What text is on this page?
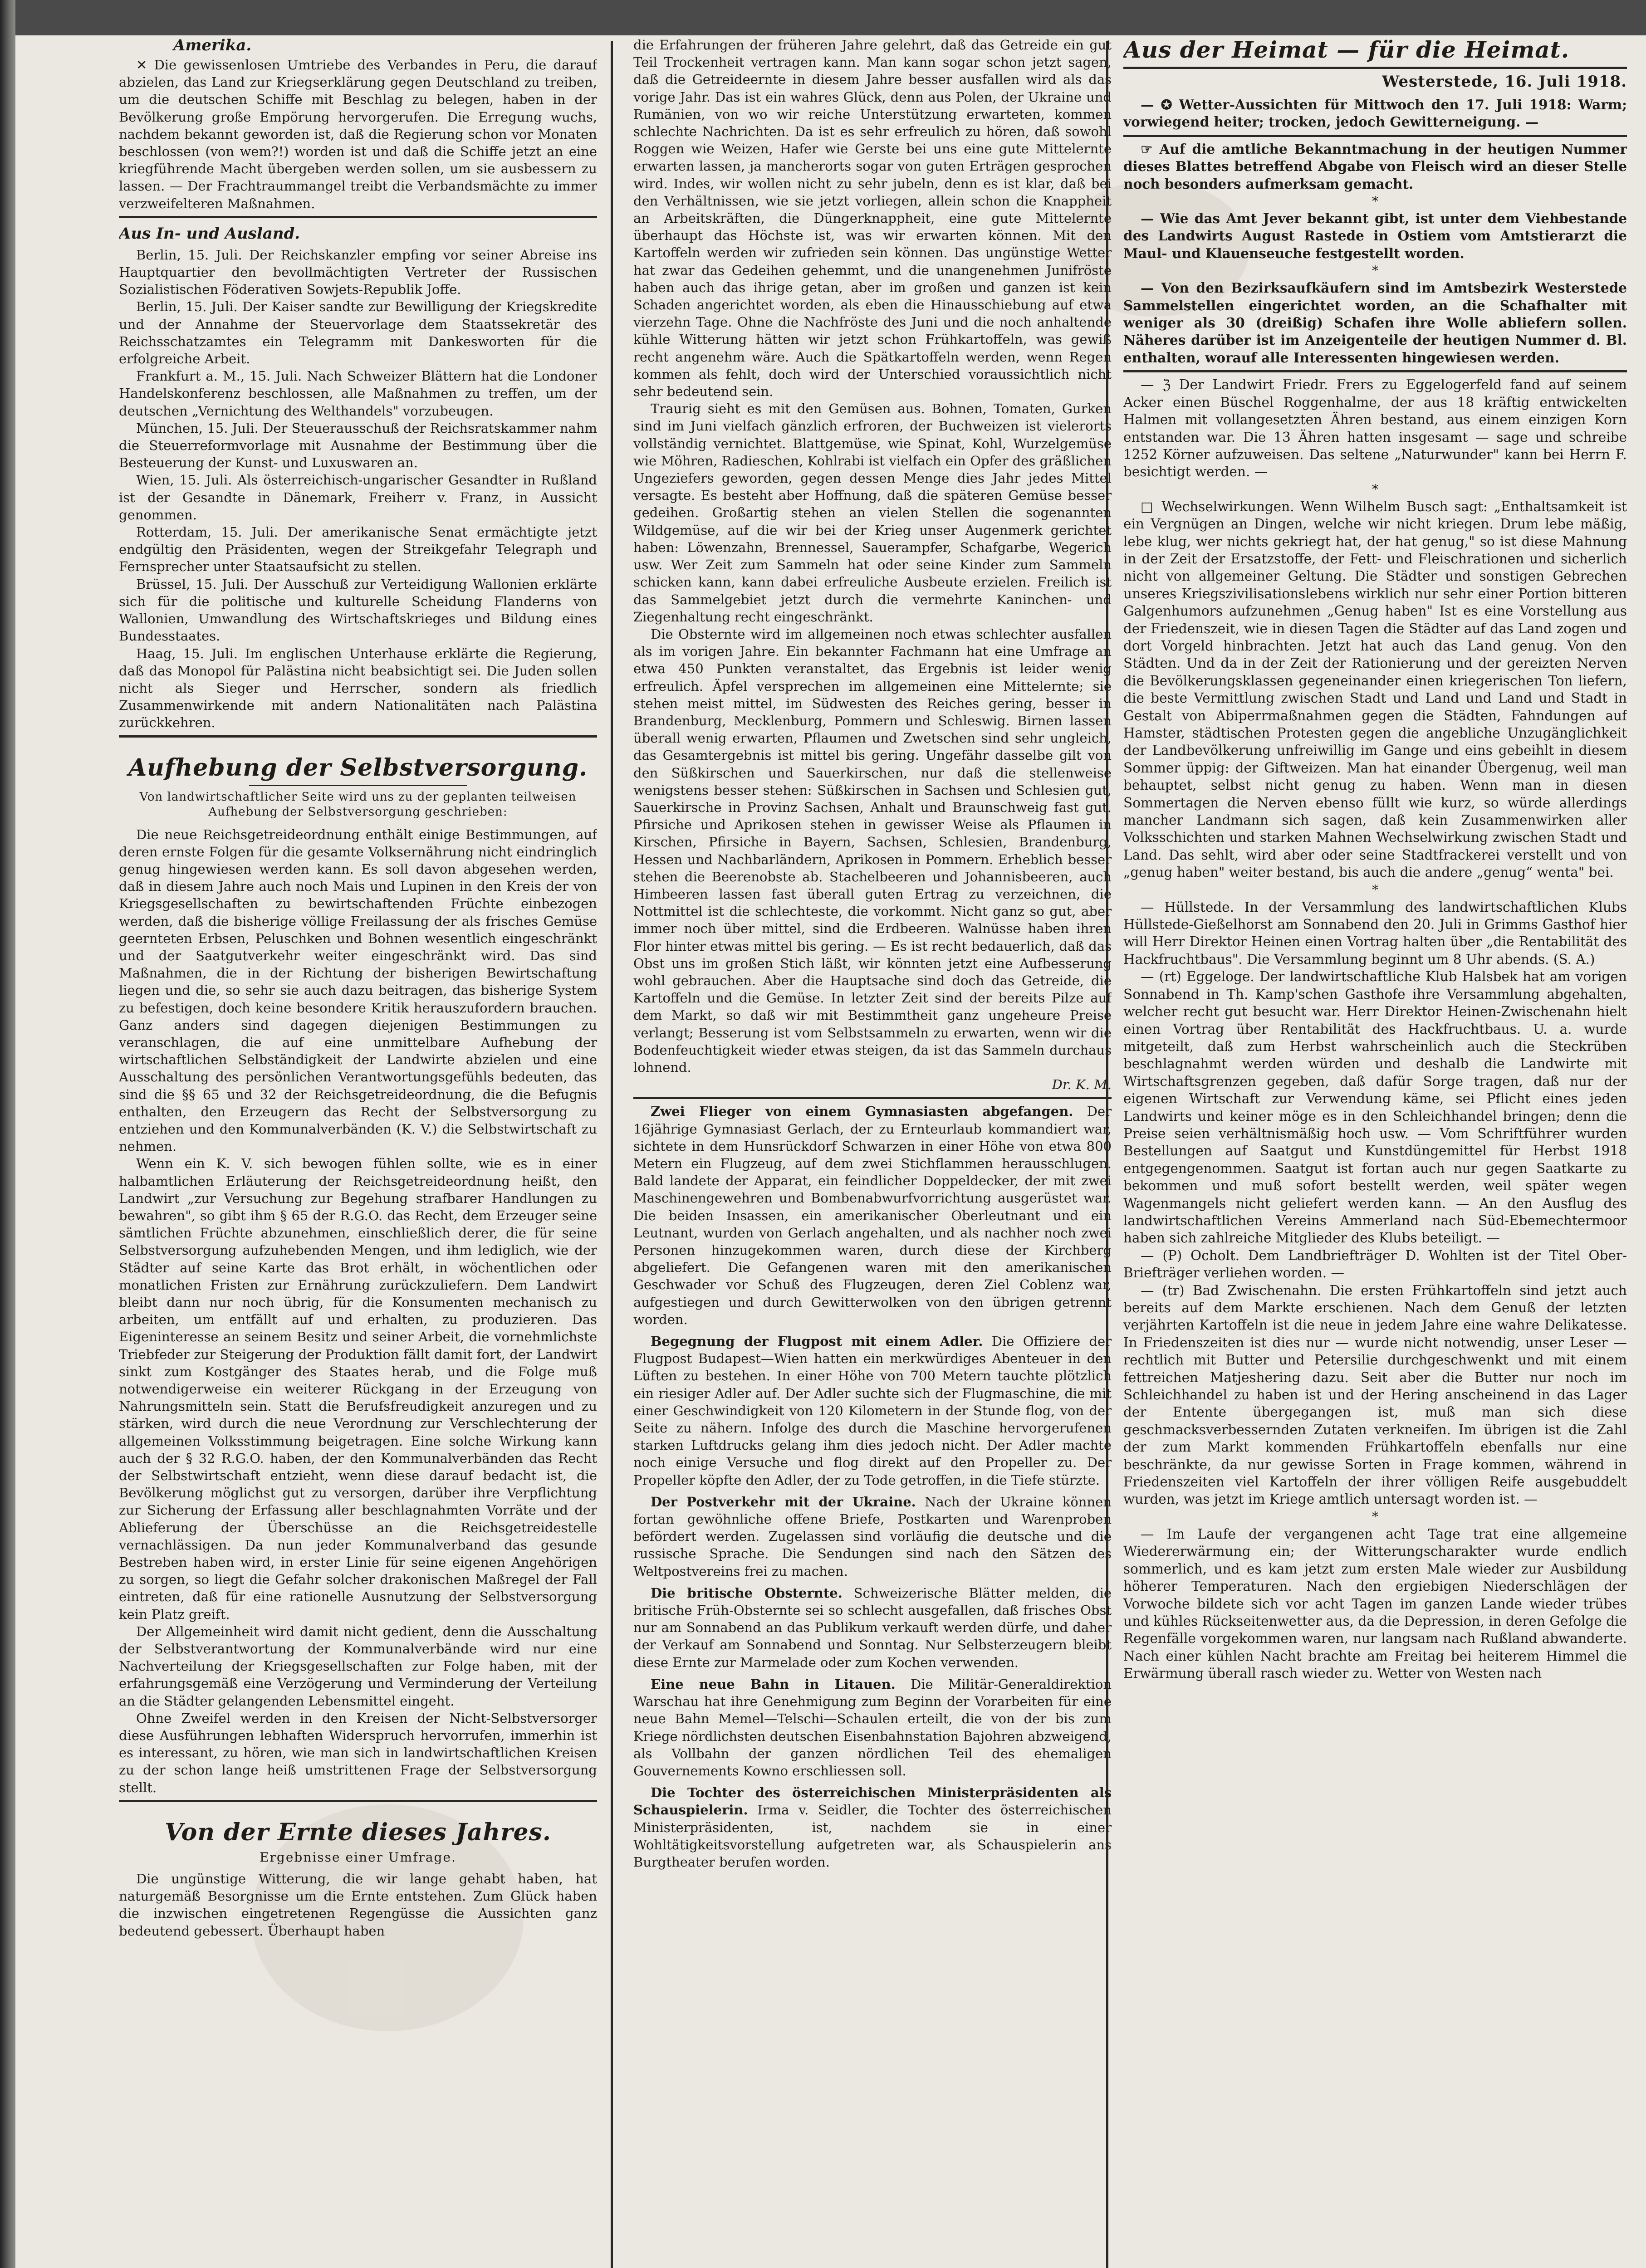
Amerika.

✕ Die gewissenlosen Umtriebe des Verbandes in Peru, die darauf abzielen, das Land zur Kriegserklärung gegen Deutschland zu treiben, um die deutschen Schiffe mit Beschlag zu belegen, haben in der Bevölkerung große Empörung hervorgerufen. Die Erregung wuchs, nachdem bekannt geworden ist, daß die Regierung schon vor Monaten beschlossen (von wem?!) worden ist und daß die Schiffe jetzt an eine kriegführende Macht übergeben werden sollen, um sie ausbessern zu lassen. — Der Frachtraummangel treibt die Verbandsmächte zu immer verzweifelteren Maßnahmen.

Aus In- und Ausland.

Berlin, 15. Juli. Der Reichskanzler empfing vor seiner Abreise ins Hauptquartier den bevollmächtigten Vertreter der Russischen Sozialistischen Föderativen Sowjets-Republik Joffe.

Berlin, 15. Juli. Der Kaiser sandte zur Bewilligung der Kriegskredite und der Annahme der Steuervorlage dem Staatssekretär des Reichsschatzamtes ein Telegramm mit Dankesworten für die erfolgreiche Arbeit.

Frankfurt a. M., 15. Juli. Nach Schweizer Blättern hat die Londoner Handelskonferenz beschlossen, alle Maßnahmen zu treffen, um der deutschen „Vernichtung des Welthandels" vorzubeugen.

München, 15. Juli. Der Steuerausschuß der Reichsratskammer nahm die Steuerreformvorlage mit Ausnahme der Bestimmung über die Besteuerung der Kunst- und Luxuswaren an.

Wien, 15. Juli. Als österreichisch-ungarischer Gesandter in Rußland ist der Gesandte in Dänemark, Freiherr v. Franz, in Aussicht genommen.

Rotterdam, 15. Juli. Der amerikanische Senat ermächtigte jetzt endgültig den Präsidenten, wegen der Streikgefahr Telegraph und Fernsprecher unter Staatsaufsicht zu stellen.

Brüssel, 15. Juli. Der Ausschuß zur Verteidigung Wallonien erklärte sich für die politische und kulturelle Scheidung Flanderns von Wallonien, Umwandlung des Wirtschaftskrieges und Bildung eines Bundesstaates.

Haag, 15. Juli. Im englischen Unterhause erklärte die Regierung, daß das Monopol für Palästina nicht beabsichtigt sei. Die Juden sollen nicht als Sieger und Herrscher, sondern als friedlich Zusammenwirkende mit andern Nationalitäten nach Palästina zurückkehren.

Aufhebung der Selbstversorgung.
Von landwirtschaftlicher Seite wird uns zu der geplanten teilweisen Aufhebung der Selbstversorgung geschrieben:

Die neue Reichsgetreideordnung enthält einige Bestimmungen, auf deren ernste Folgen für die gesamte Volksernährung nicht eindringlich genug hingewiesen werden kann. Es soll davon abgesehen werden, daß in diesem Jahre auch noch Mais und Lupinen in den Kreis der von Kriegsgesellschaften zu bewirtschaftenden Früchte einbezogen werden, daß die bisherige völlige Freilassung der als frisches Gemüse geernteten Erbsen, Peluschken und Bohnen wesentlich eingeschränkt und der Saatgutverkehr weiter eingeschränkt wird. Das sind Maßnahmen, die in der Richtung der bisherigen Bewirtschaftung liegen und die, so sehr sie auch dazu beitragen, das bisherige System zu befestigen, doch keine besondere Kritik herauszufordern brauchen. Ganz anders sind dagegen diejenigen Bestimmungen zu veranschlagen, die auf eine unmittelbare Aufhebung der wirtschaftlichen Selbständigkeit der Landwirte abzielen und eine Ausschaltung des persönlichen Verantwortungsgefühls bedeuten, das sind die §§ 65 und 32 der Reichsgetreideordnung, die die Befugnis enthalten, den Erzeugern das Recht der Selbstversorgung zu entziehen und den Kommunalverbänden (K. V.) die Selbstwirtschaft zu nehmen.

Wenn ein K. V. sich bewogen fühlen sollte, wie es in einer halbamtlichen Erläuterung der Reichsgetreideordnung heißt, den Landwirt „zur Versuchung zur Begehung strafbarer Handlungen zu bewahren", so gibt ihm § 65 der R.G.O. das Recht, dem Erzeuger seine sämtlichen Früchte abzunehmen, einschließlich derer, die für seine Selbstversorgung aufzuhebenden Mengen, und ihm lediglich, wie der Städter auf seine Karte das Brot erhält, in wöchentlichen oder monatlichen Fristen zur Ernährung zurückzuliefern. Dem Landwirt bleibt dann nur noch übrig, für die Konsumenten mechanisch zu arbeiten, um entfällt auf und erhalten, zu produzieren. Das Eigeninteresse an seinem Besitz und seiner Arbeit, die vornehmlichste Triebfeder zur Steigerung der Produktion fällt damit fort, der Landwirt sinkt zum Kostgänger des Staates herab, und die Folge muß notwendigerweise ein weiterer Rückgang in der Erzeugung von Nahrungsmitteln sein. Statt die Berufsfreudigkeit anzuregen und zu stärken, wird durch die neue Verordnung zur Verschlechterung der allgemeinen Volksstimmung beigetragen. Eine solche Wirkung kann auch der § 32 R.G.O. haben, der den Kommunalverbänden das Recht der Selbstwirtschaft entzieht, wenn diese darauf bedacht ist, die Bevölkerung möglichst gut zu versorgen, darüber ihre Verpflichtung zur Sicherung der Erfassung aller beschlagnahmten Vorräte und der Ablieferung der Überschüsse an die Reichsgetreidestelle vernachlässigen. Da nun jeder Kommunalverband das gesunde Bestreben haben wird, in erster Linie für seine eigenen Angehörigen zu sorgen, so liegt die Gefahr solcher drakonischen Maßregel der Fall eintreten, daß für eine rationelle Ausnutzung der Selbstversorgung kein Platz greift.

Der Allgemeinheit wird damit nicht gedient, denn die Ausschaltung der Selbstverantwortung der Kommunalverbände wird nur eine Nachverteilung der Kriegsgesellschaften zur Folge haben, mit der erfahrungsgemäß eine Verzögerung und Verminderung der Verteilung an die Städter gelangenden Lebensmittel eingeht.

Ohne Zweifel werden in den Kreisen der Nicht-Selbstversorger diese Ausführungen lebhaften Widerspruch hervorrufen, immerhin ist es interessant, zu hören, wie man sich in landwirtschaftlichen Kreisen zu der schon lange heiß umstrittenen Frage der Selbstversorgung stellt.

Von der Ernte dieses Jahres.
Ergebnisse einer Umfrage.

Die ungünstige Witterung, die wir lange gehabt haben, hat naturgemäß Besorgnisse um die Ernte entstehen. Zum Glück haben die inzwischen eingetretenen Regengüsse die Aussichten ganz bedeutend gebessert. Überhaupt haben

die Erfahrungen der früheren Jahre gelehrt, daß das Getreide ein gut Teil Trockenheit vertragen kann. Man kann sogar schon jetzt sagen, daß die Getreideernte in diesem Jahre besser ausfallen wird als das vorige Jahr. Das ist ein wahres Glück, denn aus Polen, der Ukraine und Rumänien, von wo wir reiche Unterstützung erwarteten, kommen schlechte Nachrichten. Da ist es sehr erfreulich zu hören, daß sowohl Roggen wie Weizen, Hafer wie Gerste bei uns eine gute Mittelernte erwarten lassen, ja mancherorts sogar von guten Erträgen gesprochen wird. Indes, wir wollen nicht zu sehr jubeln, denn es ist klar, daß bei den Verhältnissen, wie sie jetzt vorliegen, allein schon die Knappheit an Arbeitskräften, die Düngerknappheit, eine gute Mittelernte überhaupt das Höchste ist, was wir erwarten können. Mit den Kartoffeln werden wir zufrieden sein können. Das ungünstige Wetter hat zwar das Gedeihen gehemmt, und die unangenehmen Junifröste haben auch das ihrige getan, aber im großen und ganzen ist kein Schaden angerichtet worden, als eben die Hinausschiebung auf etwa vierzehn Tage. Ohne die Nachfröste des Juni und die noch anhaltende kühle Witterung hätten wir jetzt schon Frühkartoffeln, was gewiß recht angenehm wäre. Auch die Spätkartoffeln werden, wenn Regen kommen als fehlt, doch wird der Unterschied voraussichtlich nicht sehr bedeutend sein.

Traurig sieht es mit den Gemüsen aus. Bohnen, Tomaten, Gurken sind im Juni vielfach gänzlich erfroren, der Buchweizen ist vielerorts vollständig vernichtet. Blattgemüse, wie Spinat, Kohl, Wurzelgemüse wie Möhren, Radieschen, Kohlrabi ist vielfach ein Opfer des gräßlichen Ungeziefers geworden, gegen dessen Menge dies Jahr jedes Mittel versagte. Es besteht aber Hoffnung, daß die späteren Gemüse besser gedeihen. Großartig stehen an vielen Stellen die sogenannten Wildgemüse, auf die wir bei der Krieg unser Augenmerk gerichtet haben: Löwenzahn, Brennessel, Sauerampfer, Schafgarbe, Wegerich usw. Wer Zeit zum Sammeln hat oder seine Kinder zum Sammeln schicken kann, kann dabei erfreuliche Ausbeute erzielen. Freilich ist das Sammelgebiet jetzt durch die vermehrte Kaninchen- und Ziegenhaltung recht eingeschränkt.

Die Obsternte wird im allgemeinen noch etwas schlechter ausfallen als im vorigen Jahre. Ein bekannter Fachmann hat eine Umfrage an etwa 450 Punkten veranstaltet, das Ergebnis ist leider wenig erfreulich. Äpfel versprechen im allgemeinen eine Mittelernte; sie stehen meist mittel, im Südwesten des Reiches gering, besser in Brandenburg, Mecklenburg, Pommern und Schleswig. Birnen lassen überall wenig erwarten, Pflaumen und Zwetschen sind sehr ungleich, das Gesamtergebnis ist mittel bis gering. Ungefähr dasselbe gilt von den Süßkirschen und Sauerkirschen, nur daß die stellenweise wenigstens besser stehen: Süßkirschen in Sachsen und Schlesien gut, Sauerkirsche in Provinz Sachsen, Anhalt und Braunschweig fast gut. Pfirsiche und Aprikosen stehen in gewisser Weise als Pflaumen in Kirschen, Pfirsiche in Bayern, Sachsen, Schlesien, Brandenburg, Hessen und Nachbarländern, Aprikosen in Pommern. Erheblich besser stehen die Beerenobste ab. Stachelbeeren und Johannisbeeren, auch Himbeeren lassen fast überall guten Ertrag zu verzeichnen, die Nottmittel ist die schlechteste, die vorkommt. Nicht ganz so gut, aber immer noch über mittel, sind die Erdbeeren. Walnüsse haben ihren Flor hinter etwas mittel bis gering. — Es ist recht bedauerlich, daß das Obst uns im großen Stich läßt, wir könnten jetzt eine Aufbesserung wohl gebrauchen. Aber die Hauptsache sind doch das Getreide, die Kartoffeln und die Gemüse. In letzter Zeit sind der bereits Pilze auf dem Markt, so daß wir mit Bestimmtheit ganz ungeheure Preise verlangt; Besserung ist vom Selbstsammeln zu erwarten, wenn wir die Bodenfeuchtigkeit wieder etwas steigen, da ist das Sammeln durchaus lohnend.

Dr. K. M.

Zwei Flieger von einem Gymnasiasten abgefangen. Der 16jährige Gymnasiast Gerlach, der zu Ernteurlaub kommandiert war, sichtete in dem Hunsrückdorf Schwarzen in einer Höhe von etwa 800 Metern ein Flugzeug, auf dem zwei Stichflammen herausschlugen. Bald landete der Apparat, ein feindlicher Doppeldecker, der mit zwei Maschinengewehren und Bombenabwurfvorrichtung ausgerüstet war. Die beiden Insassen, ein amerikanischer Oberleutnant und ein Leutnant, wurden von Gerlach angehalten, und als nachher noch zwei Personen hinzugekommen waren, durch diese der Kirchberg abgeliefert. Die Gefangenen waren mit den amerikanischen Geschwader vor Schuß des Flugzeugen, deren Ziel Coblenz war, aufgestiegen und durch Gewitterwolken von den übrigen getrennt worden.

Begegnung der Flugpost mit einem Adler. Die Offiziere der Flugpost Budapest—Wien hatten ein merkwürdiges Abenteuer in den Lüften zu bestehen. In einer Höhe von 700 Metern tauchte plötzlich ein riesiger Adler auf. Der Adler suchte sich der Flugmaschine, die mit einer Geschwindigkeit von 120 Kilometern in der Stunde flog, von der Seite zu nähern. Infolge des durch die Maschine hervorgerufenen starken Luftdrucks gelang ihm dies jedoch nicht. Der Adler machte noch einige Versuche und flog direkt auf den Propeller zu. Der Propeller köpfte den Adler, der zu Tode getroffen, in die Tiefe stürzte.

Der Postverkehr mit der Ukraine. Nach der Ukraine können fortan gewöhnliche offene Briefe, Postkarten und Warenproben befördert werden. Zugelassen sind vorläufig die deutsche und die russische Sprache. Die Sendungen sind nach den Sätzen des Weltpostvereins frei zu machen.

Die britische Obsternte. Schweizerische Blätter melden, die britische Früh-Obsternte sei so schlecht ausgefallen, daß frisches Obst nur am Sonnabend an das Publikum verkauft werden dürfe, und daher der Verkauf am Sonnabend und Sonntag. Nur Selbsterzeugern bleibt diese Ernte zur Marmelade oder zum Kochen verwenden.

Eine neue Bahn in Litauen. Die Militär-Generaldirektion Warschau hat ihre Genehmigung zum Beginn der Vorarbeiten für eine neue Bahn Memel—Telschi—Schaulen erteilt, die von der bis zum Kriege nördlichsten deutschen Eisenbahnstation Bajohren abzweigend, als Vollbahn der ganzen nördlichen Teil des ehemaligen Gouvernements Kowno erschliessen soll.

Die Tochter des österreichischen Ministerpräsidenten als Schauspielerin. Irma v. Seidler, die Tochter des österreichischen Ministerpräsidenten, ist, nachdem sie in einer Wohltätigkeitsvorstellung aufgetreten war, als Schauspielerin ans Burgtheater berufen worden.

Aus der Heimat — für die Heimat.
Westerstede, 16. Juli 1918.

— ✪ Wetter-Aussichten für Mittwoch den 17. Juli 1918: Warm; vorwiegend heiter; trocken, jedoch Gewitterneigung. —

☞ Auf die amtliche Bekanntmachung in der heutigen Nummer dieses Blattes betreffend Abgabe von Fleisch wird an dieser Stelle noch besonders aufmerksam gemacht.

*

— Wie das Amt Jever bekannt gibt, ist unter dem Viehbestande des Landwirts August Rastede in Ostiem vom Amtstierarzt die Maul- und Klauenseuche festgestellt worden.

*

— Von den Bezirksaufkäufern sind im Amtsbezirk Westerstede Sammelstellen eingerichtet worden, an die Schafhalter mit weniger als 30 (dreißig) Schafen ihre Wolle abliefern sollen. Näheres darüber ist im Anzeigenteile der heutigen Nummer d. Bl. enthalten, worauf alle Interessenten hingewiesen werden.

— ℨ Der Landwirt Friedr. Frers zu Eggelogerfeld fand auf seinem Acker einen Büschel Roggenhalme, der aus 18 kräftig entwickelten Halmen mit vollangesetzten Ähren bestand, aus einem einzigen Korn entstanden war. Die 13 Ähren hatten insgesamt — sage und schreibe 1252 Körner aufzuweisen. Das seltene „Naturwunder" kann bei Herrn F. besichtigt werden. —

*

□ Wechselwirkungen. Wenn Wilhelm Busch sagt: „Enthaltsamkeit ist ein Vergnügen an Dingen, welche wir nicht kriegen. Drum lebe mäßig, lebe klug, wer nichts gekriegt hat, der hat genug," so ist diese Mahnung in der Zeit der Ersatzstoffe, der Fett- und Fleischrationen und sicherlich nicht von allgemeiner Geltung. Die Städter und sonstigen Gebrechen unseres Kriegszivilisationslebens wirklich nur sehr einer Portion bitteren Galgenhumors aufzunehmen „Genug haben" Ist es eine Vorstellung aus der Friedenszeit, wie in diesen Tagen die Städter auf das Land zogen und dort Vorgeld hinbrachten. Jetzt hat auch das Land genug. Von den Städten. Und da in der Zeit der Rationierung und der gereizten Nerven die Bevölkerungsklassen gegeneinander einen kriegerischen Ton liefern, die beste Vermittlung zwischen Stadt und Land und Land und Stadt in Gestalt von Abiperrmaßnahmen gegen die Städten, Fahndungen auf Hamster, städtischen Protesten gegen die angebliche Unzugänglichkeit der Landbevölkerung unfreiwillig im Gange und eins gebeihlt in diesem Sommer üppig: der Giftweizen. Man hat einander Übergenug, weil man behauptet, selbst nicht genug zu haben. Wenn man in diesen Sommertagen die Nerven ebenso füllt wie kurz, so würde allerdings mancher Landmann sich sagen, daß kein Zusammenwirken aller Volksschichten und starken Mahnen Wechselwirkung zwischen Stadt und Land. Das sehlt, wird aber oder seine Stadtfrackerei verstellt und von „genug haben" weiter bestand, bis auch die andere „genug“ wenta" bei.

*

— Hüllstede. In der Versammlung des landwirtschaftlichen Klubs Hüllstede-Gießelhorst am Sonnabend den 20. Juli in Grimms Gasthof hier will Herr Direktor Heinen einen Vortrag halten über „die Rentabilität des Hackfruchtbaus". Die Versammlung beginnt um 8 Uhr abends. (S. A.)

— (rt) Eggeloge. Der landwirtschaftliche Klub Halsbek hat am vorigen Sonnabend in Th. Kamp'schen Gasthofe ihre Versammlung abgehalten, welcher recht gut besucht war. Herr Direktor Heinen-Zwischenahn hielt einen Vortrag über Rentabilität des Hackfruchtbaus. U. a. wurde mitgeteilt, daß zum Herbst wahrscheinlich auch die Steckrüben beschlagnahmt werden würden und deshalb die Landwirte mit Wirtschaftsgrenzen gegeben, daß dafür Sorge tragen, daß nur der eigenen Wirtschaft zur Verwendung käme, sei Pflicht eines jeden Landwirts und keiner möge es in den Schleichhandel bringen; denn die Preise seien verhältnismäßig hoch usw. — Vom Schriftführer wurden Bestellungen auf Saatgut und Kunstdüngemittel für Herbst 1918 entgegengenommen. Saatgut ist fortan auch nur gegen Saatkarte zu bekommen und muß sofort bestellt werden, weil später wegen Wagenmangels nicht geliefert werden kann. — An den Ausflug des landwirtschaftlichen Vereins Ammerland nach Süd-Ebemechtermoor haben sich zahlreiche Mitglieder des Klubs beteiligt. —

— (P) Ocholt. Dem Landbriefträger D. Wohlten ist der Titel Ober-Briefträger verliehen worden. —

— (tr) Bad Zwischenahn. Die ersten Frühkartoffeln sind jetzt auch bereits auf dem Markte erschienen. Nach dem Genuß der letzten verjährten Kartoffeln ist die neue in jedem Jahre eine wahre Delikatesse. In Friedenszeiten ist dies nur — wurde nicht notwendig, unser Leser — rechtlich mit Butter und Petersilie durchgeschwenkt und mit einem fettreichen Matjeshering dazu. Seit aber die Butter nur noch im Schleichhandel zu haben ist und der Hering anscheinend in das Lager der Entente übergegangen ist, muß man sich diese geschmacksverbessernden Zutaten verkneifen. Im übrigen ist die Zahl der zum Markt kommenden Frühkartoffeln ebenfalls nur eine beschränkte, da nur gewisse Sorten in Frage kommen, während in Friedenszeiten viel Kartoffeln der ihrer völligen Reife ausgebuddelt wurden, was jetzt im Kriege amtlich untersagt worden ist. —

*

— Im Laufe der vergangenen acht Tage trat eine allgemeine Wiedererwärmung ein; der Witterungscharakter wurde endlich sommerlich, und es kam jetzt zum ersten Male wieder zur Ausbildung höherer Temperaturen. Nach den ergiebigen Niederschlägen der Vorwoche bildete sich vor acht Tagen im ganzen Lande wieder trübes und kühles Rückseitenwetter aus, da die Depression, in deren Gefolge die Regenfälle vorgekommen waren, nur langsam nach Rußland abwanderte. Nach einer kühlen Nacht brachte am Freitag bei heiterem Himmel die Erwärmung überall rasch wieder zu. Wetter von Westen nach
